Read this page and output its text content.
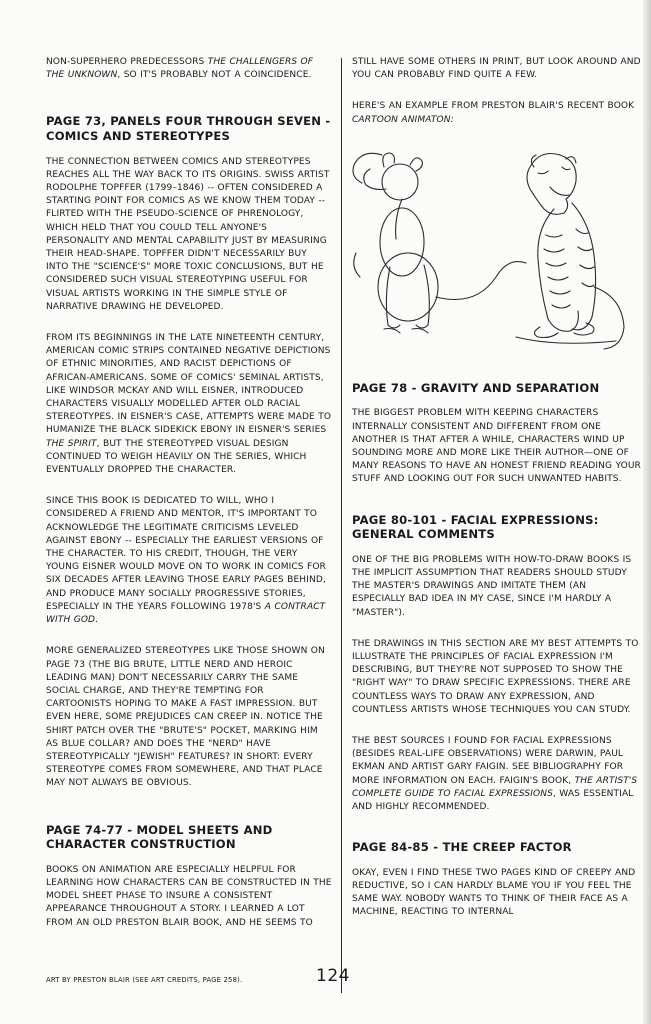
NON-SUPERHERO PREDECESSORS THE CHALLENGERS OF THE UNKNOWN, SO IT'S PROBABLY NOT A COINCIDENCE.

PAGE 73, PANELS FOUR THROUGH SEVEN - COMICS AND STEREOTYPES

THE CONNECTION BETWEEN COMICS AND STEREOTYPES REACHES ALL THE WAY BACK TO ITS ORIGINS. SWISS ARTIST RODOLPHE TOPFFER (1799–1846) -- OFTEN CONSIDERED A STARTING POINT FOR COMICS AS WE KNOW THEM TODAY -- FLIRTED WITH THE PSEUDO-SCIENCE OF PHRENOLOGY, WHICH HELD THAT YOU COULD TELL ANYONE'S PERSONALITY AND MENTAL CAPABILITY JUST BY MEASURING THEIR HEAD-SHAPE. TOPFFER DIDN'T NECESSARILY BUY INTO THE "SCIENCE'S" MORE TOXIC CONCLUSIONS, BUT HE CONSIDERED SUCH VISUAL STEREOTYPING USEFUL FOR VISUAL ARTISTS WORKING IN THE SIMPLE STYLE OF NARRATIVE DRAWING HE DEVELOPED.

FROM ITS BEGINNINGS IN THE LATE NINETEENTH CENTURY, AMERICAN COMIC STRIPS CONTAINED NEGATIVE DEPICTIONS OF ETHNIC MINORITIES, AND RACIST DEPICTIONS OF AFRICAN-AMERICANS. SOME OF COMICS' SEMINAL ARTISTS, LIKE WINDSOR MCKAY AND WILL EISNER, INTRODUCED CHARACTERS VISUALLY MODELLED AFTER OLD RACIAL STEREOTYPES. IN EISNER'S CASE, ATTEMPTS WERE MADE TO HUMANIZE THE BLACK SIDEKICK EBONY IN EISNER'S SERIES THE SPIRIT, BUT THE STEREOTYPED VISUAL DESIGN CONTINUED TO WEIGH HEAVILY ON THE SERIES, WHICH EVENTUALLY DROPPED THE CHARACTER.

SINCE THIS BOOK IS DEDICATED TO WILL, WHO I CONSIDERED A FRIEND AND MENTOR, IT'S IMPORTANT TO ACKNOWLEDGE THE LEGITIMATE CRITICISMS LEVELED AGAINST EBONY -- ESPECIALLY THE EARLIEST VERSIONS OF THE CHARACTER. TO HIS CREDIT, THOUGH, THE VERY YOUNG EISNER WOULD MOVE ON TO WORK IN COMICS FOR SIX DECADES AFTER LEAVING THOSE EARLY PAGES BEHIND, AND PRODUCE MANY SOCIALLY PROGRESSIVE STORIES, ESPECIALLY IN THE YEARS FOLLOWING 1978'S A CONTRACT WITH GOD.

MORE GENERALIZED STEREOTYPES LIKE THOSE SHOWN ON PAGE 73 (THE BIG BRUTE, LITTLE NERD AND HEROIC LEADING MAN) DON'T NECESSARILY CARRY THE SAME SOCIAL CHARGE, AND THEY'RE TEMPTING FOR CARTOONISTS HOPING TO MAKE A FAST IMPRESSION. BUT EVEN HERE, SOME PREJUDICES CAN CREEP IN. NOTICE THE SHIRT PATCH OVER THE "BRUTE'S" POCKET, MARKING HIM AS BLUE COLLAR? AND DOES THE "NERD" HAVE STEREOTYPICALLY "JEWISH" FEATURES? IN SHORT: EVERY STEREOTYPE COMES FROM SOMEWHERE, AND THAT PLACE MAY NOT ALWAYS BE OBVIOUS.

PAGE 74-77 - MODEL SHEETS AND CHARACTER CONSTRUCTION

BOOKS ON ANIMATION ARE ESPECIALLY HELPFUL FOR LEARNING HOW CHARACTERS CAN BE CONSTRUCTED IN THE MODEL SHEET PHASE TO INSURE A CONSISTENT APPEARANCE THROUGHOUT A STORY. I LEARNED A LOT FROM AN OLD PRESTON BLAIR BOOK, AND HE SEEMS TO

STILL HAVE SOME OTHERS IN PRINT, BUT LOOK AROUND AND YOU CAN PROBABLY FIND QUITE A FEW.

HERE'S AN EXAMPLE FROM PRESTON BLAIR'S RECENT BOOK CARTOON ANIMATON:

PAGE 78 - GRAVITY AND SEPARATION

THE BIGGEST PROBLEM WITH KEEPING CHARACTERS INTERNALLY CONSISTENT AND DIFFERENT FROM ONE ANOTHER IS THAT AFTER A WHILE, CHARACTERS WIND UP SOUNDING MORE AND MORE LIKE THEIR AUTHOR—ONE OF MANY REASONS TO HAVE AN HONEST FRIEND READING YOUR STUFF AND LOOKING OUT FOR SUCH UNWANTED HABITS.

PAGE 80-101 - FACIAL EXPRESSIONS: GENERAL COMMENTS

ONE OF THE BIG PROBLEMS WITH HOW-TO-DRAW BOOKS IS THE IMPLICIT ASSUMPTION THAT READERS SHOULD STUDY THE MASTER'S DRAWINGS AND IMITATE THEM (AN ESPECIALLY BAD IDEA IN MY CASE, SINCE I'M HARDLY A "MASTER").

THE DRAWINGS IN THIS SECTION ARE MY BEST ATTEMPTS TO ILLUSTRATE THE PRINCIPLES OF FACIAL EXPRESSION I'M DESCRIBING, BUT THEY'RE NOT SUPPOSED TO SHOW THE "RIGHT WAY" TO DRAW SPECIFIC EXPRESSIONS. THERE ARE COUNTLESS WAYS TO DRAW ANY EXPRESSION, AND COUNTLESS ARTISTS WHOSE TECHNIQUES YOU CAN STUDY.

THE BEST SOURCES I FOUND FOR FACIAL EXPRESSIONS (BESIDES REAL-LIFE OBSERVATIONS) WERE DARWIN, PAUL EKMAN AND ARTIST GARY FAIGIN. SEE BIBLIOGRAPHY FOR MORE INFORMATION ON EACH. FAIGIN'S BOOK, THE ARTIST'S COMPLETE GUIDE TO FACIAL EXPRESSIONS, WAS ESSENTIAL AND HIGHLY RECOMMENDED.

PAGE 84-85 - THE CREEP FACTOR

OKAY, EVEN I FIND THESE TWO PAGES KIND OF CREEPY AND REDUCTIVE, SO I CAN HARDLY BLAME YOU IF YOU FEEL THE SAME WAY. NOBODY WANTS TO THINK OF THEIR FACE AS A MACHINE, REACTING TO INTERNAL

ART BY PRESTON BLAIR (SEE ART CREDITS, PAGE 258).	124
